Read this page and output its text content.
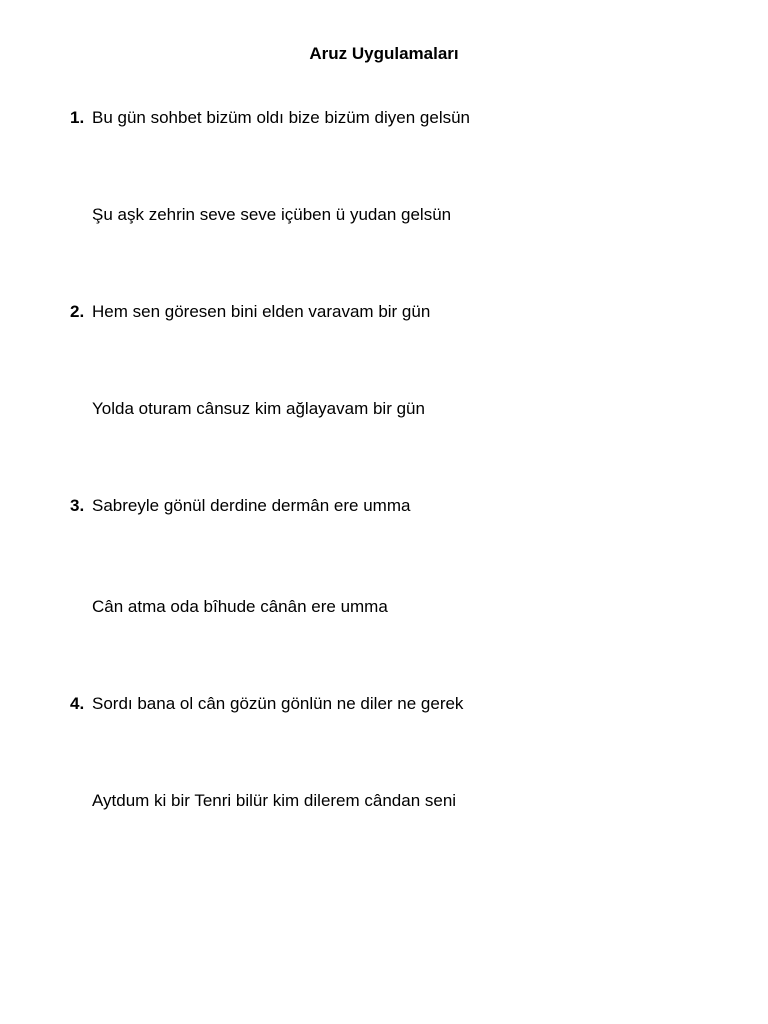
Aruz Uygulamaları
1. Bu gün sohbet bizüm oldı bize bizüm diyen gelsün
Şu aşk zehrin seve seve içüben ü yudan gelsün
2. Hem sen göresen bini elden varavam bir gün
Yolda oturam cânsuz kim ağlayavam bir gün
3. Sabreyle gönül derdine dermân ere umma
Cân atma oda bîhude cânân ere umma
4. Sordı bana ol cân gözün gönlün ne diler ne gerek
Aytdum ki bir Tenri bilür kim dilerem cândan seni
